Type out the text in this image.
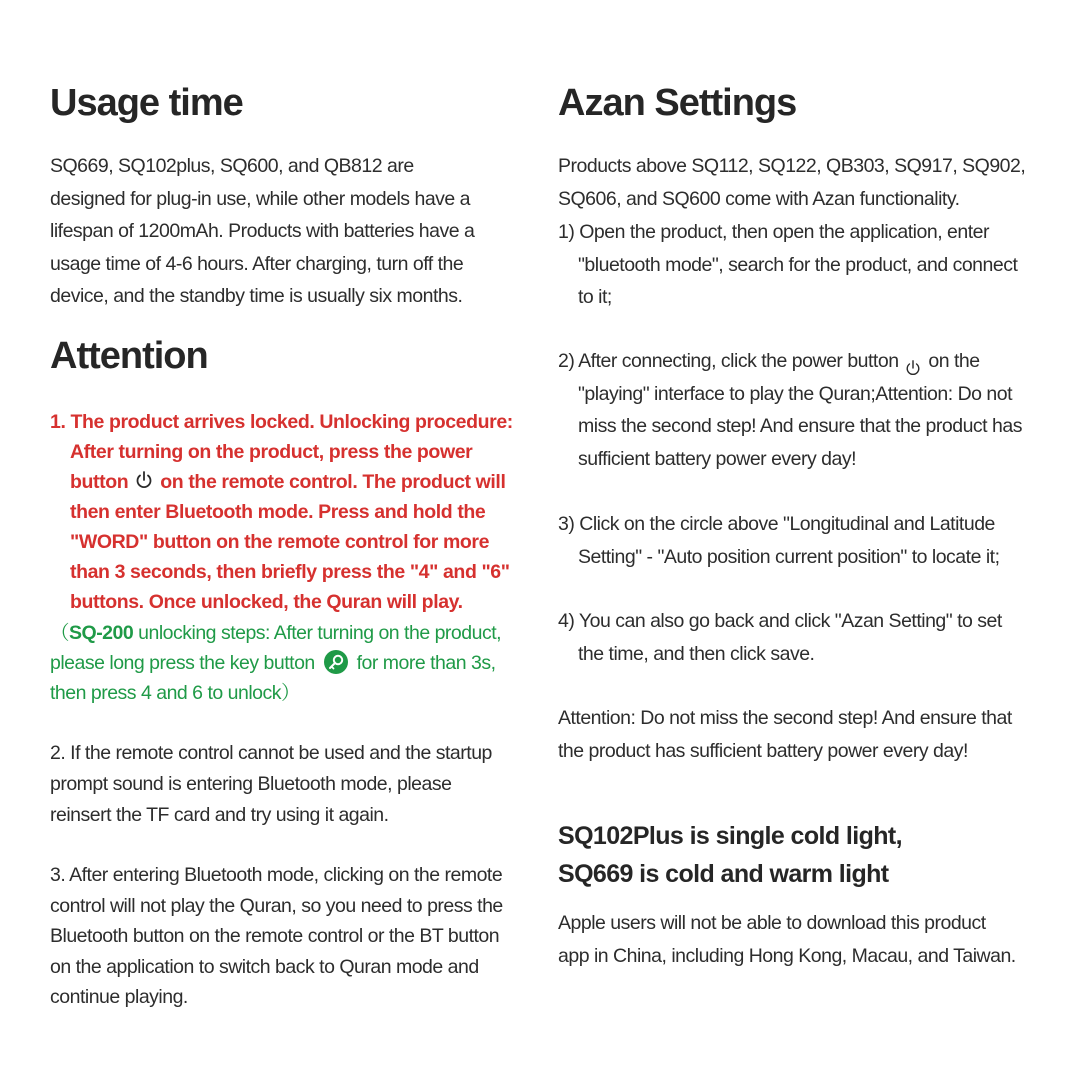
Usage time
SQ669, SQ102plus, SQ600, and QB812 are
designed for plug-in use, while other models have a
lifespan of 1200mAh. Products with batteries have a
usage time of 4-6 hours. After charging, turn off the
device, and the standby time is usually six months.
Attention
1. The product arrives locked. Unlocking procedure:
After turning on the product, press the power
button on the remote control. The product will
then enter Bluetooth mode. Press and hold the
"WORD" button on the remote control for more
than 3 seconds, then briefly press the "4" and "6"
buttons. Once unlocked, the Quran will play.
（SQ-200 unlocking steps: After turning on the product,
please long press the key button for more than 3s,
then press 4 and 6 to unlock）
2. If the remote control cannot be used and the startup
prompt sound is entering Bluetooth mode, please
reinsert the TF card and try using it again.
3. After entering Bluetooth mode, clicking on the remote
control will not play the Quran, so you need to press the
Bluetooth button on the remote control or the BT button
on the application to switch back to Quran mode and
continue playing.
Azan Settings
Products above SQ112, SQ122, QB303, SQ917, SQ902,
SQ606, and SQ600 come with Azan functionality.
1) Open the product, then open the application, enter
"bluetooth mode", search for the product, and connect
to it;
2) After connecting, click the power button on the
"playing" interface to play the Quran;Attention: Do not
miss the second step! And ensure that the product has
sufficient battery power every day!
3) Click on the circle above "Longitudinal and Latitude
Setting" - "Auto position current position" to locate it;
4) You can also go back and click "Azan Setting" to set
the time, and then click save.
Attention: Do not miss the second step! And ensure that
the product has sufficient battery power every day!
SQ102Plus is single cold light,
SQ669 is cold and warm light
Apple users will not be able to download this product
app in China, including Hong Kong, Macau, and Taiwan.
